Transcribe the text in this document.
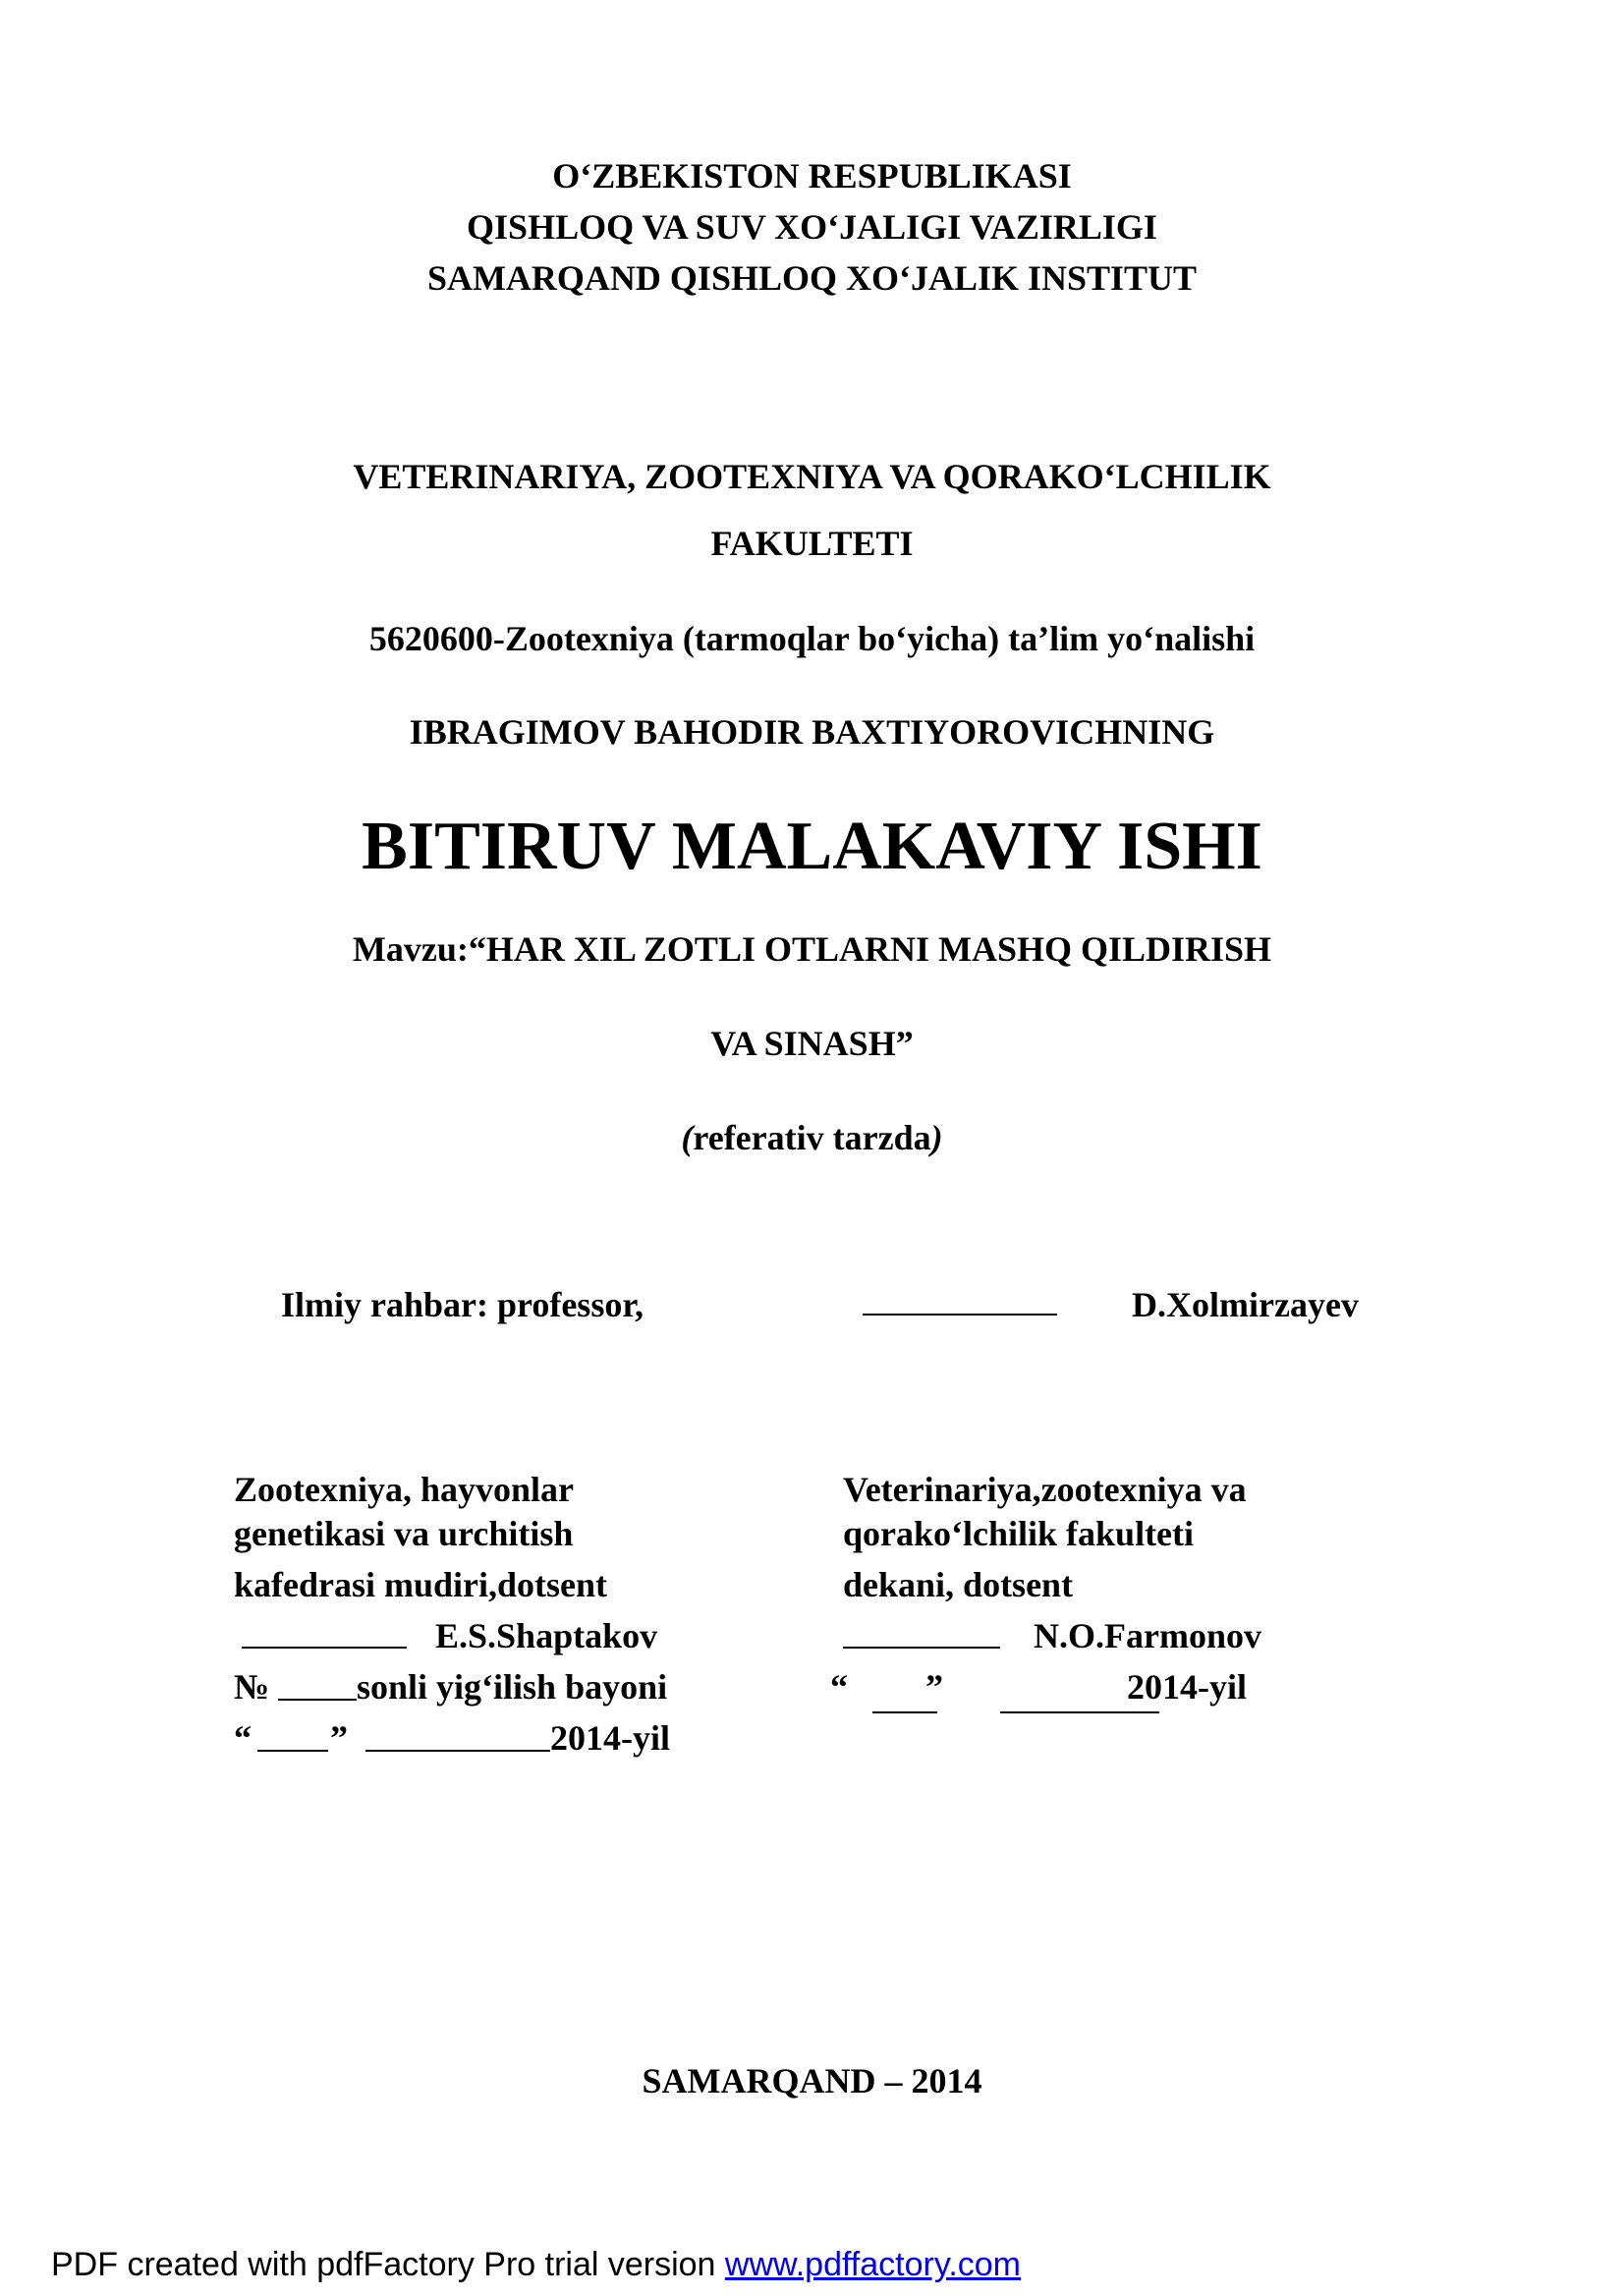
O‘ZBEKISTON RESPUBLIKASI
QISHLOQ VA SUV XO‘JALIGI VAZIRLIGI
SAMARQAND QISHLOQ XO‘JALIK INSTITUT
VETERINARIYA, ZOOTEXNIYA VA QORAKO‘LCHILIK
FAKULTETI
5620600-Zootexniya (tarmoqlar bo‘yicha) ta’lim yo‘nalishi
IBRAGIMOV BAHODIR BAXTIYOROVICHNING
BITIRUV MALAKAVIY ISHI
Mavzu:“HAR XIL ZOTLI OTLARNI MASHQ QILDIRISH
VA SINASH”
(referativ tarzda)
Ilmiy rahbar: professor,	D.Xolmirzayev
Zootexniya, hayvonlar
genetikasi va urchitish
kafedrasi mudiri,dotsent
E.S.Shaptakov
№ sonli yig‘ilish bayoni
“ ”	2014-yil
Veterinariya,zootexniya va
qorako‘lchilik fakulteti
dekani, dotsent
N.O.Farmonov
“ ”	2014-yil
SAMARQAND – 2014
PDF created with pdfFactory Pro trial version www.pdffactory.com
